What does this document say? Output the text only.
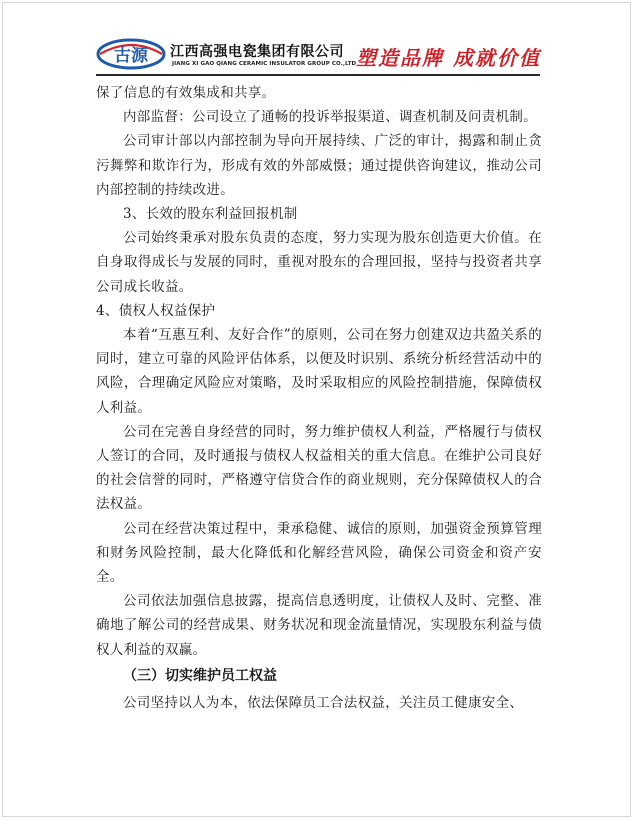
古源 江西高强电瓷集团有限公司
JIANG XI GAO QIANG CERAMIC INSULATOR GROUP CO.,LTD 塑造品牌 成就价值

保了信息的有效集成和共享。

内部监督：公司设立了通畅的投诉举报渠道、调查机制及问责机制。

公司审计部以内部控制为导向开展持续、广泛的审计，揭露和制止贪污舞弊和欺诈行为，形成有效的外部威慑；通过提供咨询建议，推动公司内部控制的持续改进。

3、长效的股东利益回报机制

公司始终秉承对股东负责的态度，努力实现为股东创造更大价值。在自身取得成长与发展的同时，重视对股东的合理回报，坚持与投资者共享公司成长收益。

4、债权人权益保护

本着“互惠互利、友好合作”的原则，公司在努力创建双边共盈关系的同时，建立可靠的风险评估体系，以便及时识别、系统分析经营活动中的风险，合理确定风险应对策略，及时采取相应的风险控制措施，保障债权人利益。

公司在完善自身经营的同时，努力维护债权人利益，严格履行与债权人签订的合同，及时通报与债权人权益相关的重大信息。在维护公司良好的社会信誉的同时，严格遵守信贷合作的商业规则，充分保障债权人的合法权益。

公司在经营决策过程中，秉承稳健、诚信的原则，加强资金预算管理和财务风险控制，最大化降低和化解经营风险，确保公司资金和资产安全。

公司依法加强信息披露，提高信息透明度，让债权人及时、完整、准确地了解公司的经营成果、财务状况和现金流量情况，实现股东利益与债权人利益的双赢。

（三）切实维护员工权益

公司坚持以人为本，依法保障员工合法权益，关注员工健康安全、
